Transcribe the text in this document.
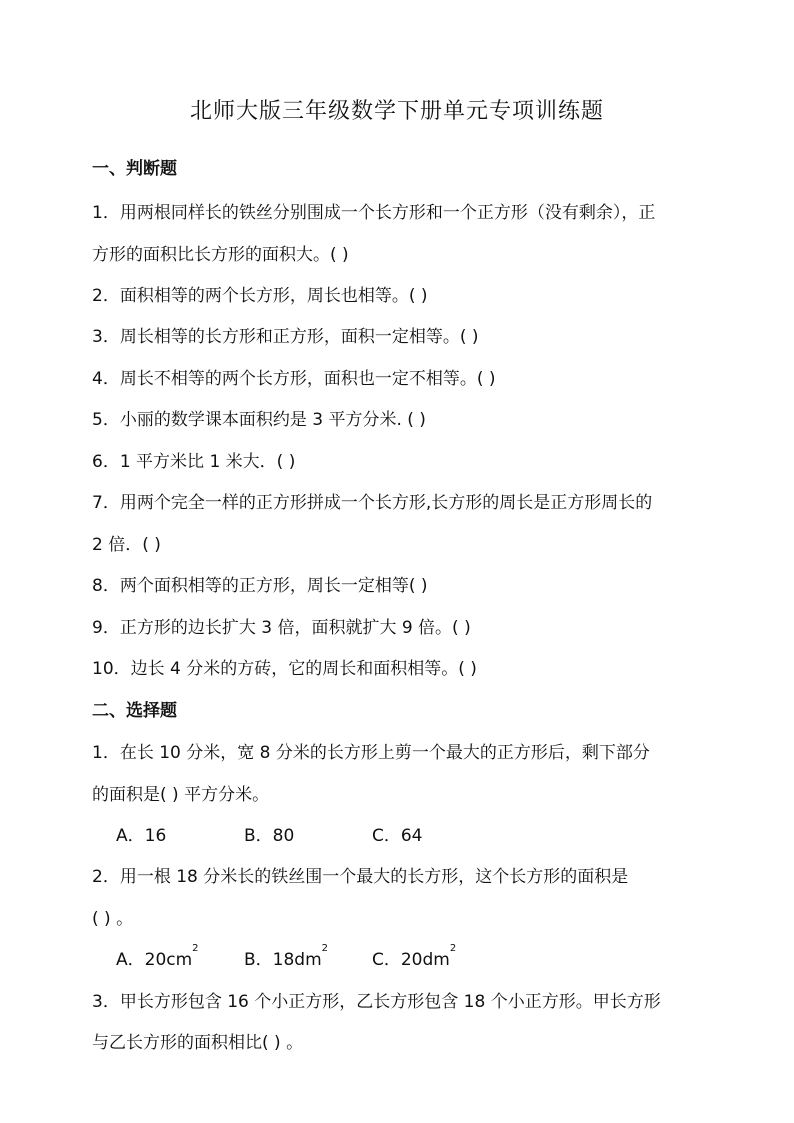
北师大版三年级数学下册单元专项训练题
一、判断题
1．用两根同样长的铁丝分别围成一个长方形和一个正方形（没有剩余），正
方形的面积比长方形的面积大。( )
2．面积相等的两个长方形，周长也相等。( )
3．周长相等的长方形和正方形，面积一定相等。( )
4．周长不相等的两个长方形，面积也一定不相等。( )
5．小丽的数学课本面积约是 3 平方分米. ( )
6．1 平方米比 1 米大．( )
7．用两个完全一样的正方形拼成一个长方形,长方形的周长是正方形周长的
2 倍．( )
8．两个面积相等的正方形，周长一定相等( )
9．正方形的边长扩大 3 倍，面积就扩大 9 倍。( )
10．边长 4 分米的方砖，它的周长和面积相等。( )
二、选择题
1．在长 10 分米，宽 8 分米的长方形上剪一个最大的正方形后，剩下部分
的面积是( ) 平方分米。
A．16	B．80	C．64
2．用一根 18 分米长的铁丝围一个最大的长方形，这个长方形的面积是
( ) 。
A．$20cm^2B$．$18dm^2C$．$20dm^2$
3．甲长方形包含 16 个小正方形，乙长方形包含 18 个小正方形。甲长方形
与乙长方形的面积相比( ) 。
